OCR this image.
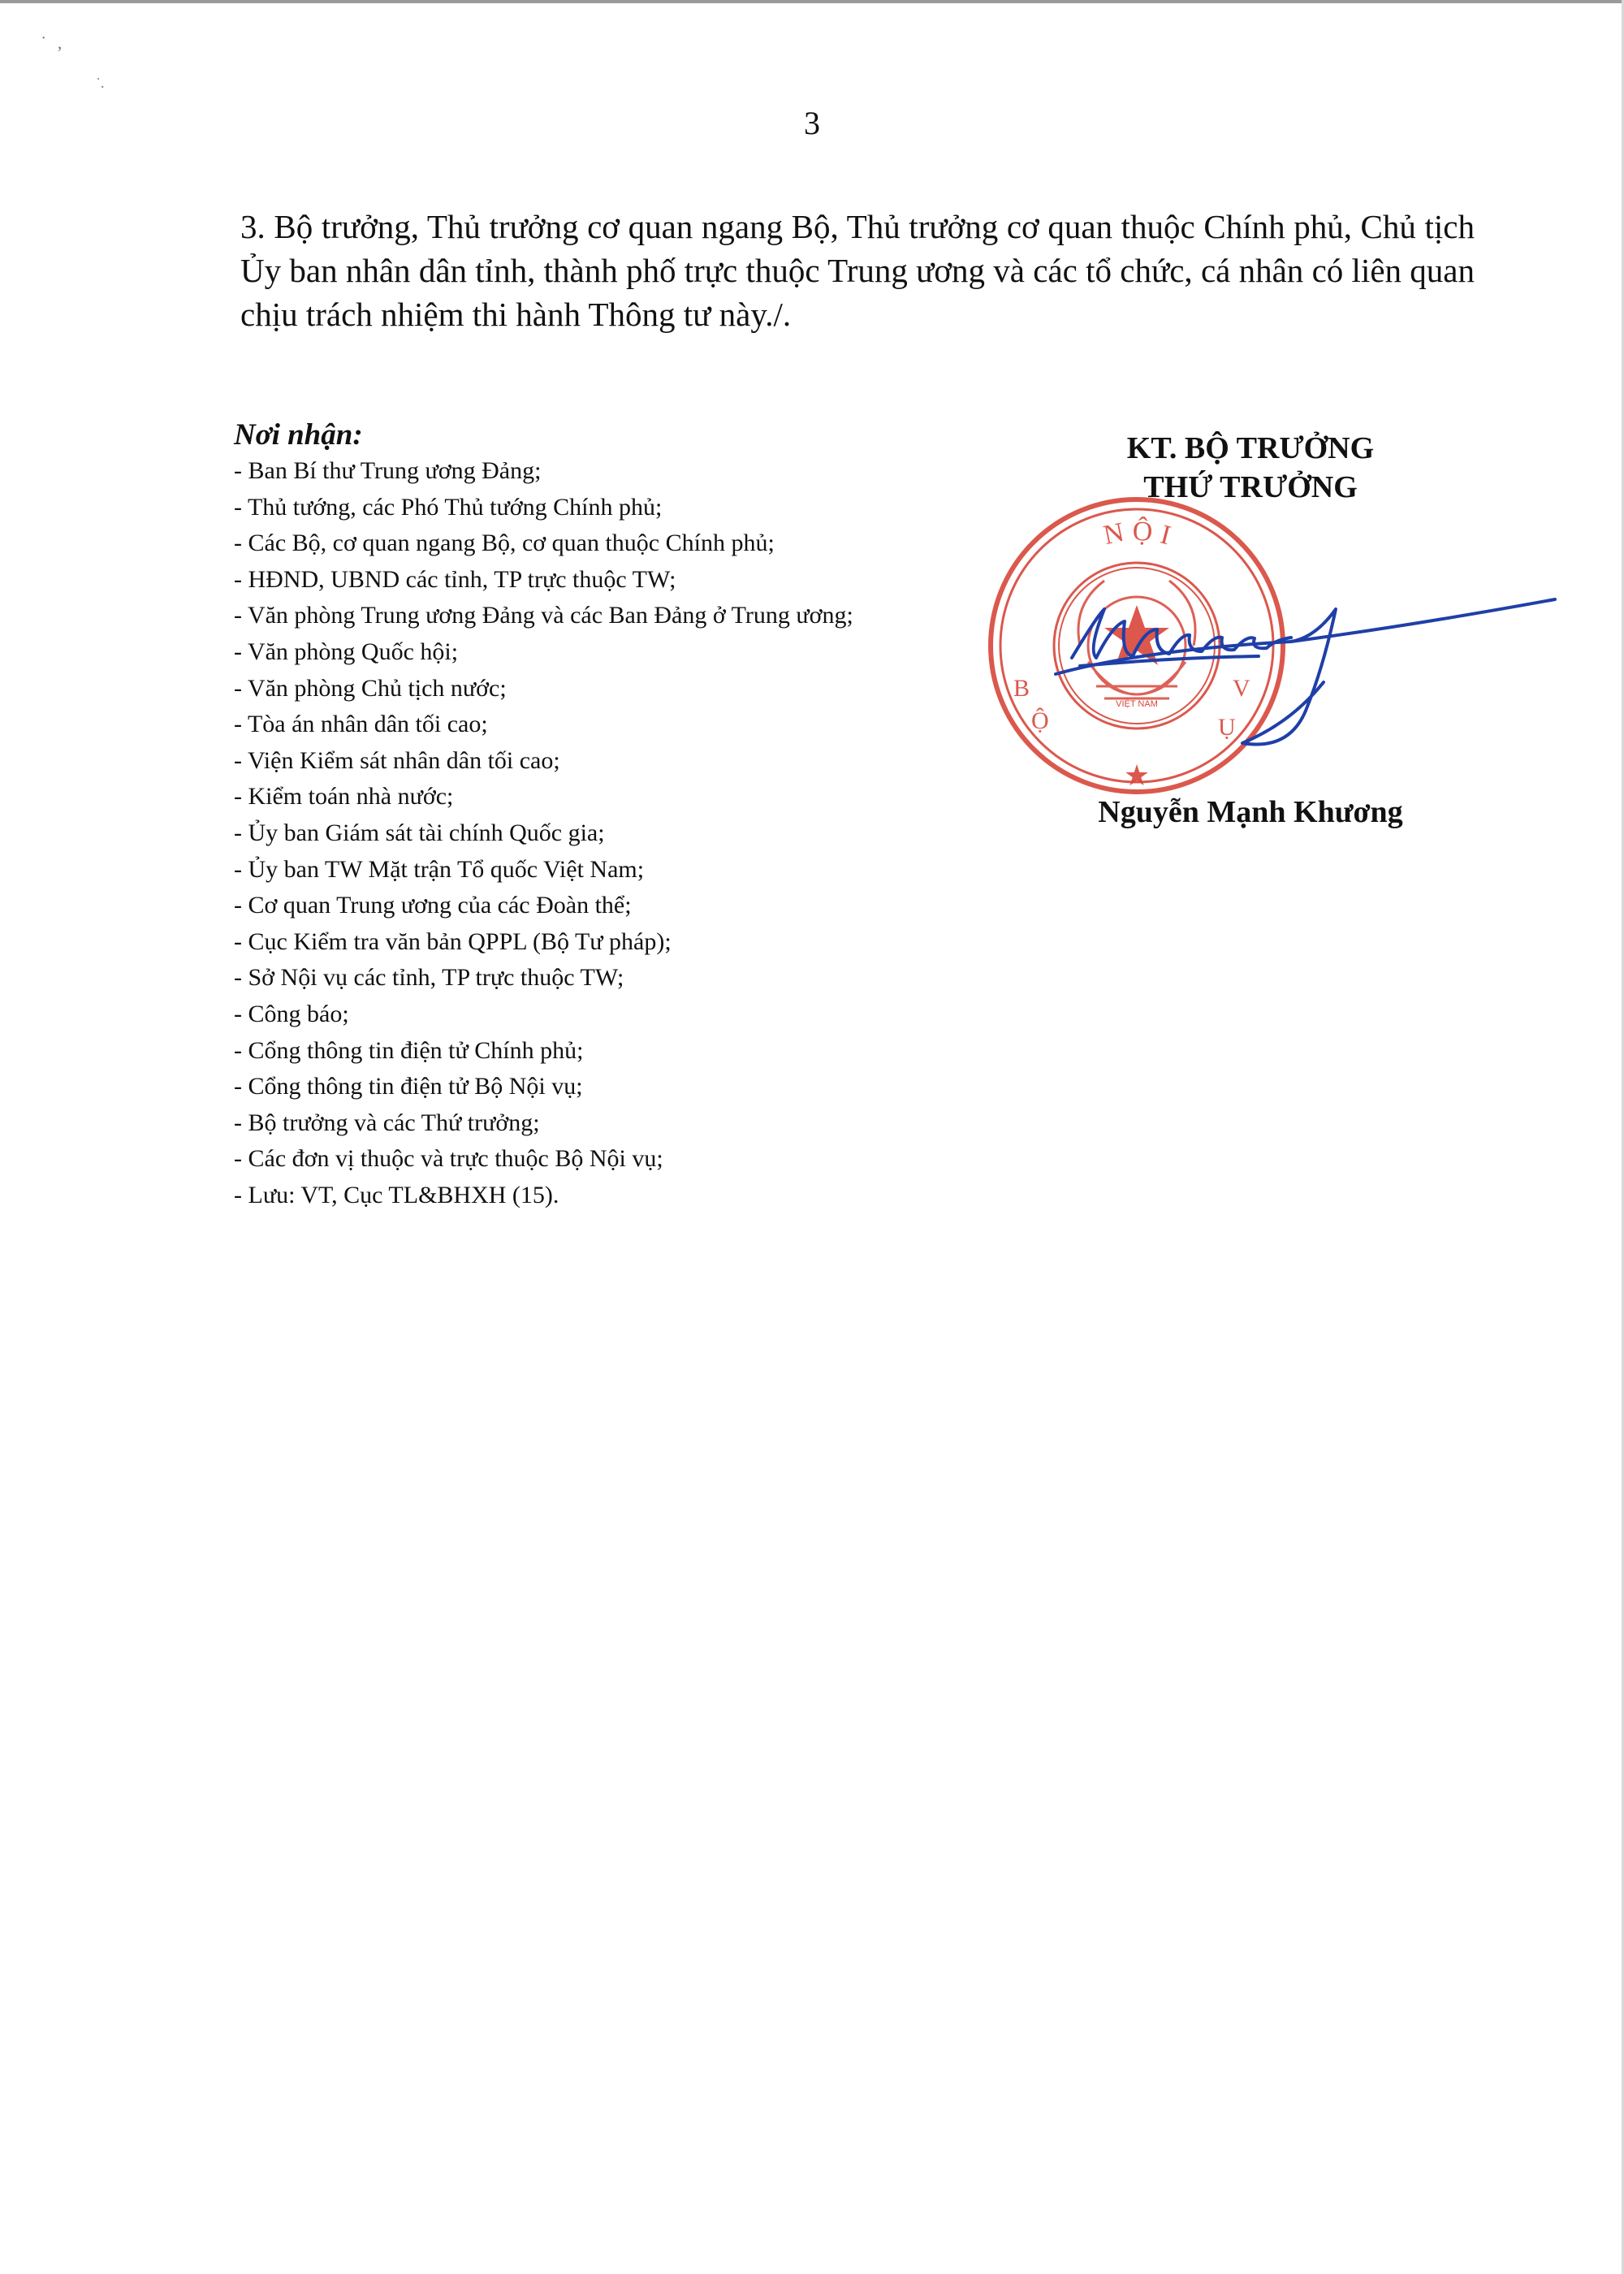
˙ ,
˙.
3

3. Bộ trưởng, Thủ trưởng cơ quan ngang Bộ, Thủ trưởng cơ quan thuộc Chính phủ, Chủ tịch Ủy ban nhân dân tỉnh, thành phố trực thuộc Trung ương và các tổ chức, cá nhân có liên quan chịu trách nhiệm thi hành Thông tư này./.

Nơi nhận:

- Ban Bí thư Trung ương Đảng;
- Thủ tướng, các Phó Thủ tướng Chính phủ;
- Các Bộ, cơ quan ngang Bộ, cơ quan thuộc Chính phủ;
- HĐND, UBND các tỉnh, TP trực thuộc TW;
- Văn phòng Trung ương Đảng và các Ban Đảng ở Trung ương;
- Văn phòng Quốc hội;
- Văn phòng Chủ tịch nước;
- Tòa án nhân dân tối cao;
- Viện Kiểm sát nhân dân tối cao;
- Kiểm toán nhà nước;
- Ủy ban Giám sát tài chính Quốc gia;
- Ủy ban TW Mặt trận Tổ quốc Việt Nam;
- Cơ quan Trung ương của các Đoàn thể;
- Cục Kiểm tra văn bản QPPL (Bộ Tư pháp);
- Sở Nội vụ các tỉnh, TP trực thuộc TW;
- Công báo;
- Cổng thông tin điện tử Chính phủ;
- Cổng thông tin điện tử Bộ Nội vụ;
- Bộ trưởng và các Thứ trưởng;
- Các đơn vị thuộc và trực thuộc Bộ Nội vụ;
- Lưu: VT, Cục TL&BHXH (15).

KT. BỘ TRƯỞNG

THỨ TRƯỞNG

N Ộ I
B
Ộ
V
Ụ
★
VIỆT NAM

Nguyễn Mạnh Khương
